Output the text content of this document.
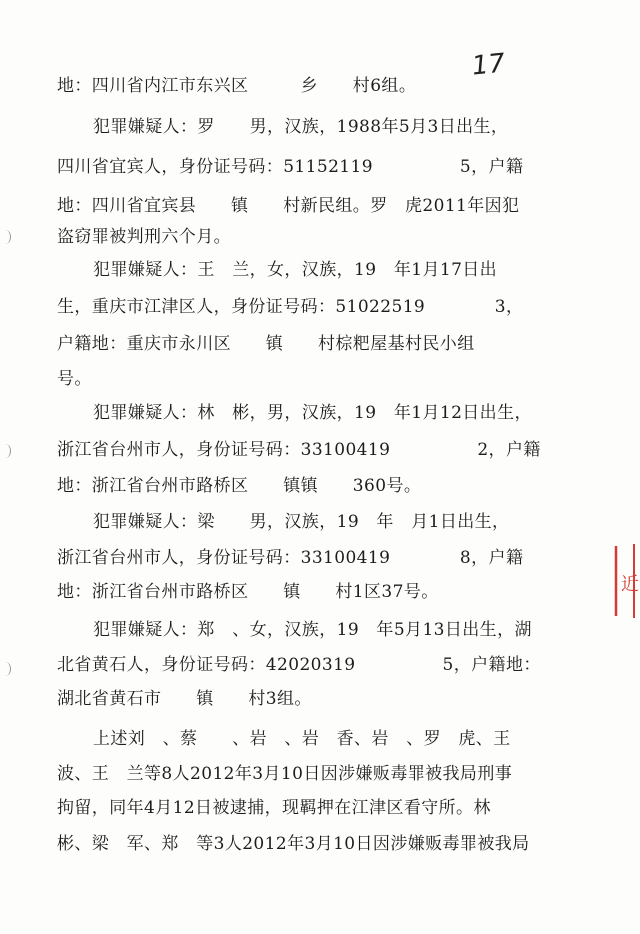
17
地：四川省内江市东兴区　　　乡　　村6组。
犯罪嫌疑人：罗　　男，汉族，1988年5月3日出生，
四川省宜宾人，身份证号码：51152119　　　　　5，户籍
地：四川省宜宾县　　镇　　村新民组。罗　虎2011年因犯
盗窃罪被判刑六个月。
犯罪嫌疑人：王　兰，女，汉族，19　年1月17日出
生，重庆市江津区人，身份证号码：51022519　　　　3，
户籍地：重庆市永川区　　镇　　村棕粑屋基村民小组
号。
犯罪嫌疑人：林　彬，男，汉族，19　年1月12日出生，
浙江省台州市人，身份证号码：33100419　　　　　2，户籍
地：浙江省台州市路桥区　　镇镇　　360号。
犯罪嫌疑人：梁　　男，汉族，19　年　月1日出生，
浙江省台州市人，身份证号码：33100419　　　　8，户籍
地：浙江省台州市路桥区　　镇　　村1区37号。
犯罪嫌疑人：郑　、女，汉族，19　年5月13日出生，湖
北省黄石人，身份证号码：42020319　　　　　5，户籍地：
湖北省黄石市　　镇　　村3组。
上述刘　、蔡　　、岩　、岩　香、岩　、罗　虎、王
波、王　兰等8人2012年3月10日因涉嫌贩毒罪被我局刑事
拘留，同年4月12日被逮捕，现羁押在江津区看守所。林
彬、梁　军、郑　等3人2012年3月10日因涉嫌贩毒罪被我局
　近
